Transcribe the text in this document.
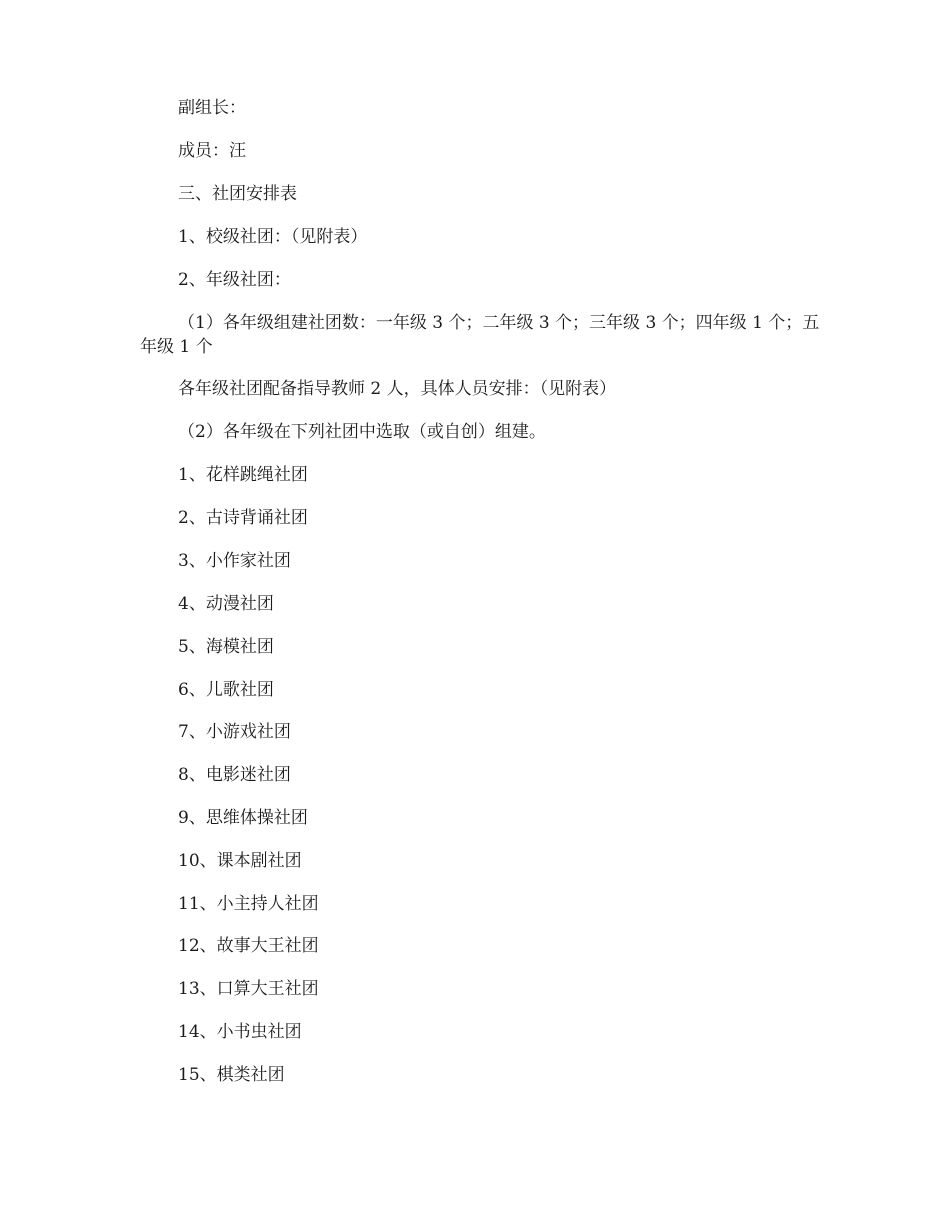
副组长：
成员：汪
三、社团安排表
1、校级社团：（见附表）
2、年级社团：
（1）各年级组建社团数：一年级 3 个；二年级 3 个；三年级 3 个；四年级 1 个；五年级 1 个
各年级社团配备指导教师 2 人，具体人员安排：（见附表）
（2）各年级在下列社团中选取（或自创）组建。
1、花样跳绳社团
2、古诗背诵社团
3、小作家社团
4、动漫社团
5、海模社团
6、儿歌社团
7、小游戏社团
8、电影迷社团
9、思维体操社团
10、课本剧社团
11、小主持人社团
12、故事大王社团
13、口算大王社团
14、小书虫社团
15、棋类社团
